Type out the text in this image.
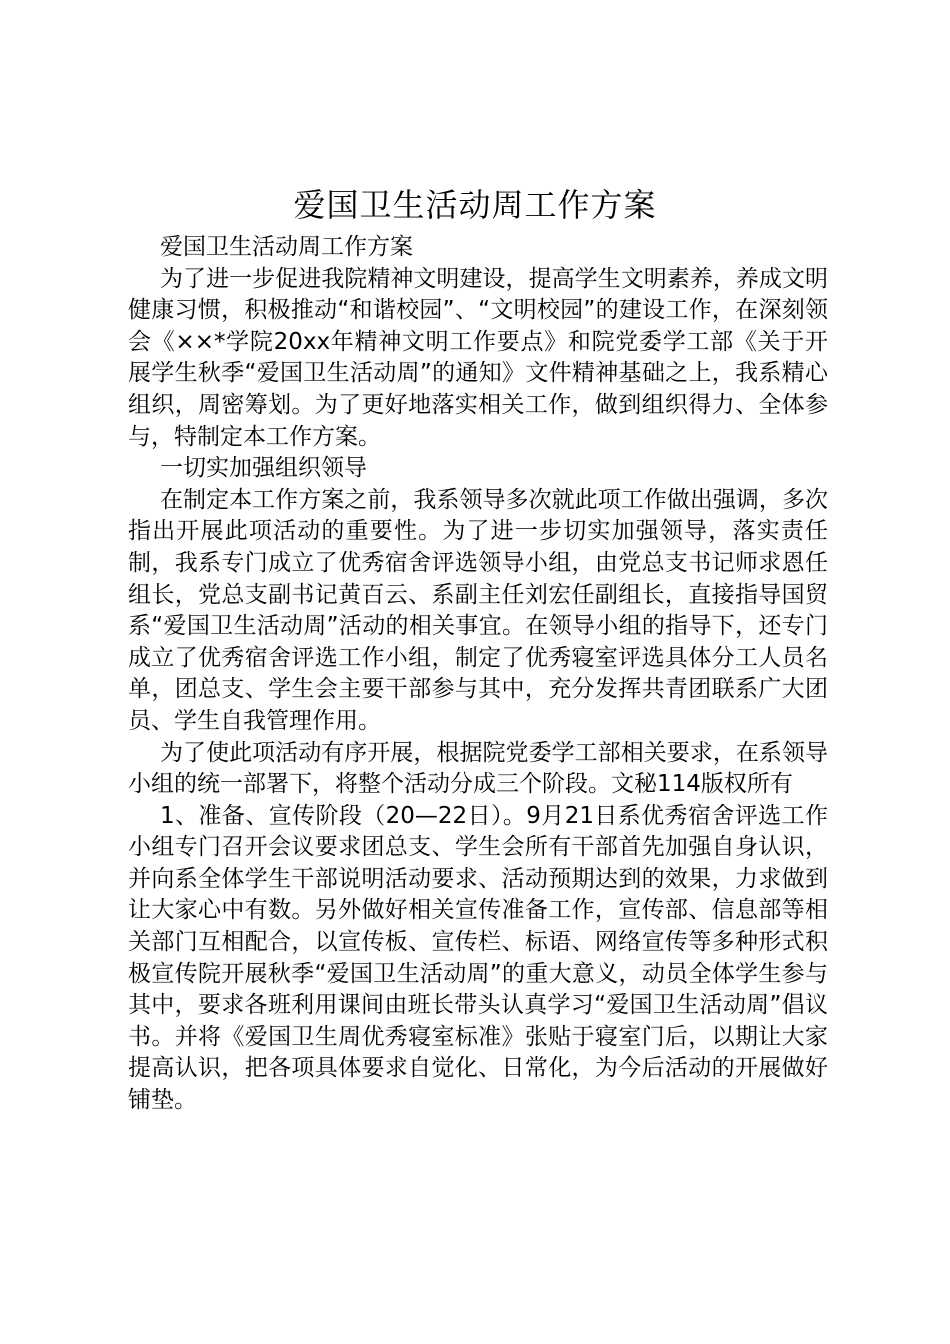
爱国卫生活动周工作方案

爱国卫生活动周工作方案

为了进一步促进我院精神文明建设，提高学生文明素养，养成文明健康习惯，积极推动“和谐校园”、“文明校园”的建设工作，在深刻领会《××*学院20xx年精神文明工作要点》和院党委学工部《关于开展学生秋季“爱国卫生活动周”的通知》文件精神基础之上，我系精心组织，周密筹划。为了更好地落实相关工作，做到组织得力、全体参与，特制定本工作方案。

一切实加强组织领导

在制定本工作方案之前，我系领导多次就此项工作做出强调，多次指出开展此项活动的重要性。为了进一步切实加强领导，落实责任制，我系专门成立了优秀宿舍评选领导小组，由党总支书记师求恩任组长，党总支副书记黄百云、系副主任刘宏任副组长，直接指导国贸系“爱国卫生活动周”活动的相关事宜。在领导小组的指导下，还专门成立了优秀宿舍评选工作小组，制定了优秀寝室评选具体分工人员名单，团总支、学生会主要干部参与其中，充分发挥共青团联系广大团员、学生自我管理作用。

为了使此项活动有序开展，根据院党委学工部相关要求，在系领导小组的统一部署下，将整个活动分成三个阶段。文秘114版权所有

1、准备、宣传阶段（20—22日）。9月21日系优秀宿舍评选工作小组专门召开会议要求团总支、学生会所有干部首先加强自身认识，并向系全体学生干部说明活动要求、活动预期达到的效果，力求做到让大家心中有数。另外做好相关宣传准备工作，宣传部、信息部等相关部门互相配合，以宣传板、宣传栏、标语、网络宣传等多种形式积极宣传院开展秋季“爱国卫生活动周”的重大意义，动员全体学生参与其中，要求各班利用课间由班长带头认真学习“爱国卫生活动周”倡议书。并将《爱国卫生周优秀寝室标准》张贴于寝室门后，以期让大家提高认识，把各项具体要求自觉化、日常化，为今后活动的开展做好铺垫。
